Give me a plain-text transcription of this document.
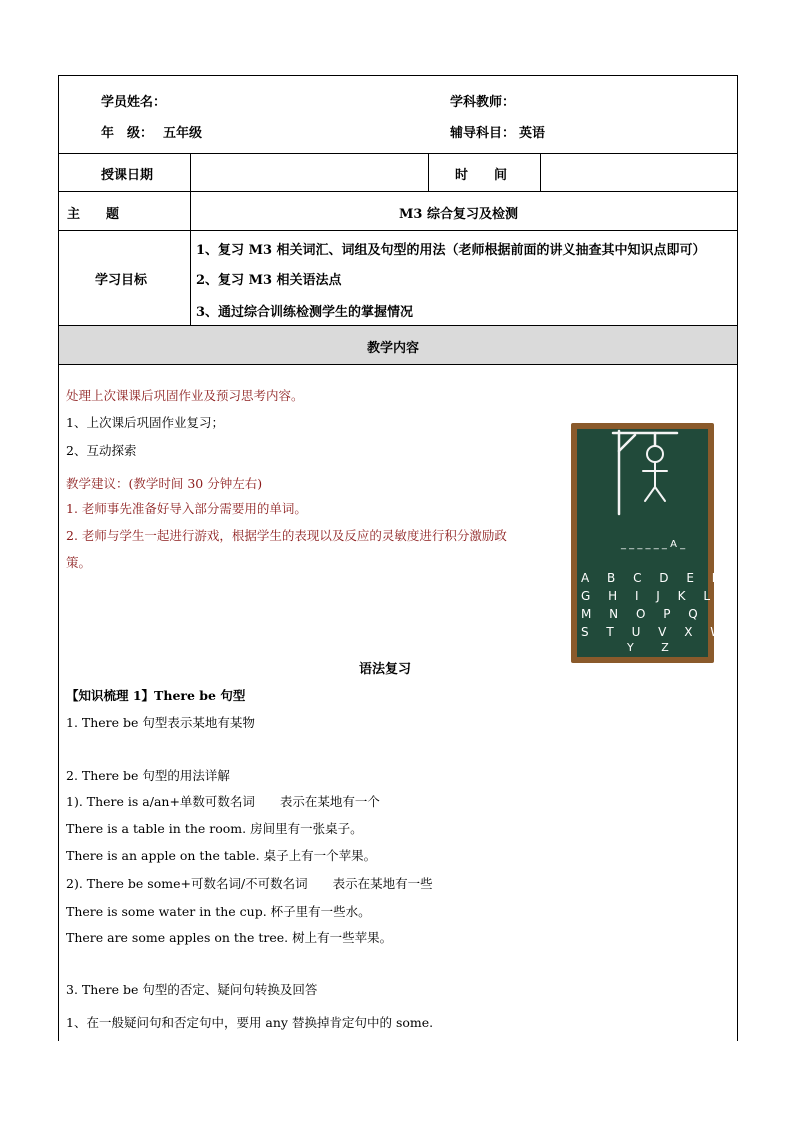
学员姓名：	学科教师：
年　级： 五年级	辅导科目： 英语
授课日期	时　　间
主　　题	M3 综合复习及检测
学习目标
1、复习 M3 相关词汇、词组及句型的用法（老师根据前面的讲义抽查其中知识点即可）
2、复习 M3 相关语法点
3、通过综合训练检测学生的掌握情况
教学内容
处理上次课课后巩固作业及预习思考内容。
1、上次课后巩固作业复习；
2、互动探索
教学建议：(教学时间 30 分钟左右)
1. 老师事先准备好导入部分需要用的单词。
2. 老师与学生一起进行游戏，根据学生的表现以及反应的灵敏度进行积分激励政
策。
语法复习
【知识梳理 1】There be 句型
1. There be 句型表示某地有某物
2. There be 句型的用法详解
1). There is a/an+单数可数名词　　表示在某地有一个
There is a table in the room. 房间里有一张桌子。
There is an apple on the table. 桌子上有一个苹果。
2). There be some+可数名词/不可数名词　　表示在某地有一些
There is some water in the cup. 杯子里有一些水。
There are some apples on the tree. 树上有一些苹果。
3. There be 句型的否定、疑问句转换及回答
1、在一般疑问句和否定句中，要用 any 替换掉肯定句中的 some.
_ _ _ _ _ _ A _
A B C D E F
G H I J K L
M N O P Q R
S T U V X W
Y Z
